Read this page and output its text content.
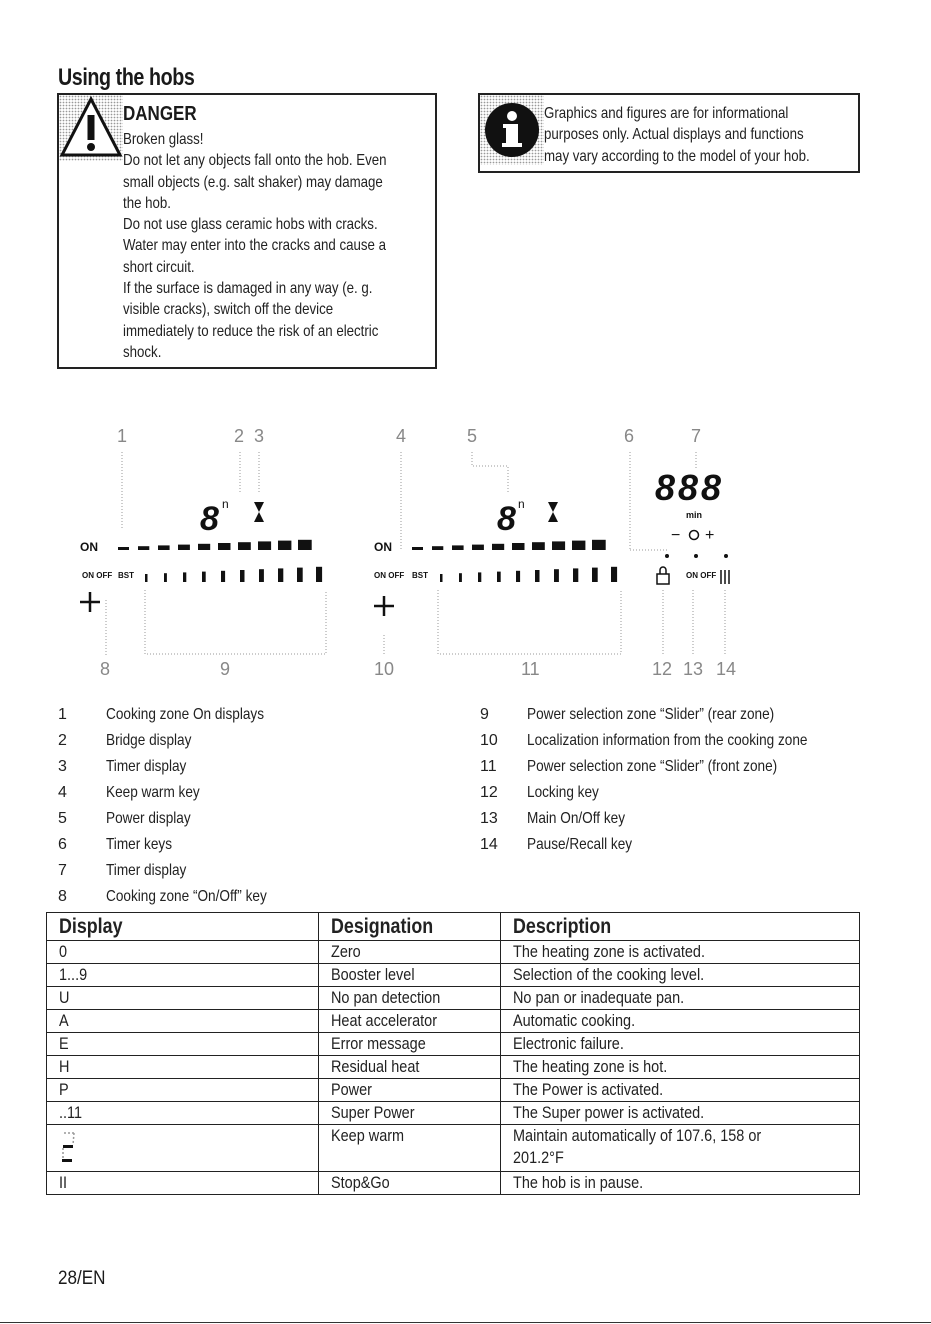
Using the hobs
DANGER
Broken glass!
Do not let any objects fall onto the hob. Even
small objects (e.g. salt shaker) may damage
the hob.
Do not use glass ceramic hobs with cracks.
Water may enter into the cracks and cause a
short circuit.
If the surface is damaged in any way (e. g.
visible cracks), switch off the device
immediately to reduce the risk of an electric
shock.
Graphics and figures are for informational
purposes only. Actual displays and functions
may vary according to the model of your hob.
1	2 3	4	5	6	7
8	9	10	11	12 13 14
8 n
ON
ON OFF BST
8 n
ON
ON OFF BST
888
min
− +
ON OFF
1 Cooking zone On displays
2 Bridge display
3 Timer display
4 Keep warm key
5 Power display
6 Timer keys
7 Timer display
8 Cooking zone “On/Off” key
9 Power selection zone “Slider” (rear zone)
10 Localization information from the cooking zone
11 Power selection zone “Slider” (front zone)
12 Locking key
13 Main On/Off key
14 Pause/Recall key
Display	Designation	Description
0	Zero	The heating zone is activated.
1...9	Booster level	Selection of the cooking level.
U	No pan detection	No pan or inadequate pan.
A	Heat accelerator	Automatic cooking.
E	Error message	Electronic failure.
H	Residual heat	The heating zone is hot.
P	Power	The Power is activated.
..11	Super Power	The Super power is activated.
	Keep warm	Maintain automatically of 107.6, 158 or
201.2°F
II	Stop&Go	The hob is in pause.
28/EN
